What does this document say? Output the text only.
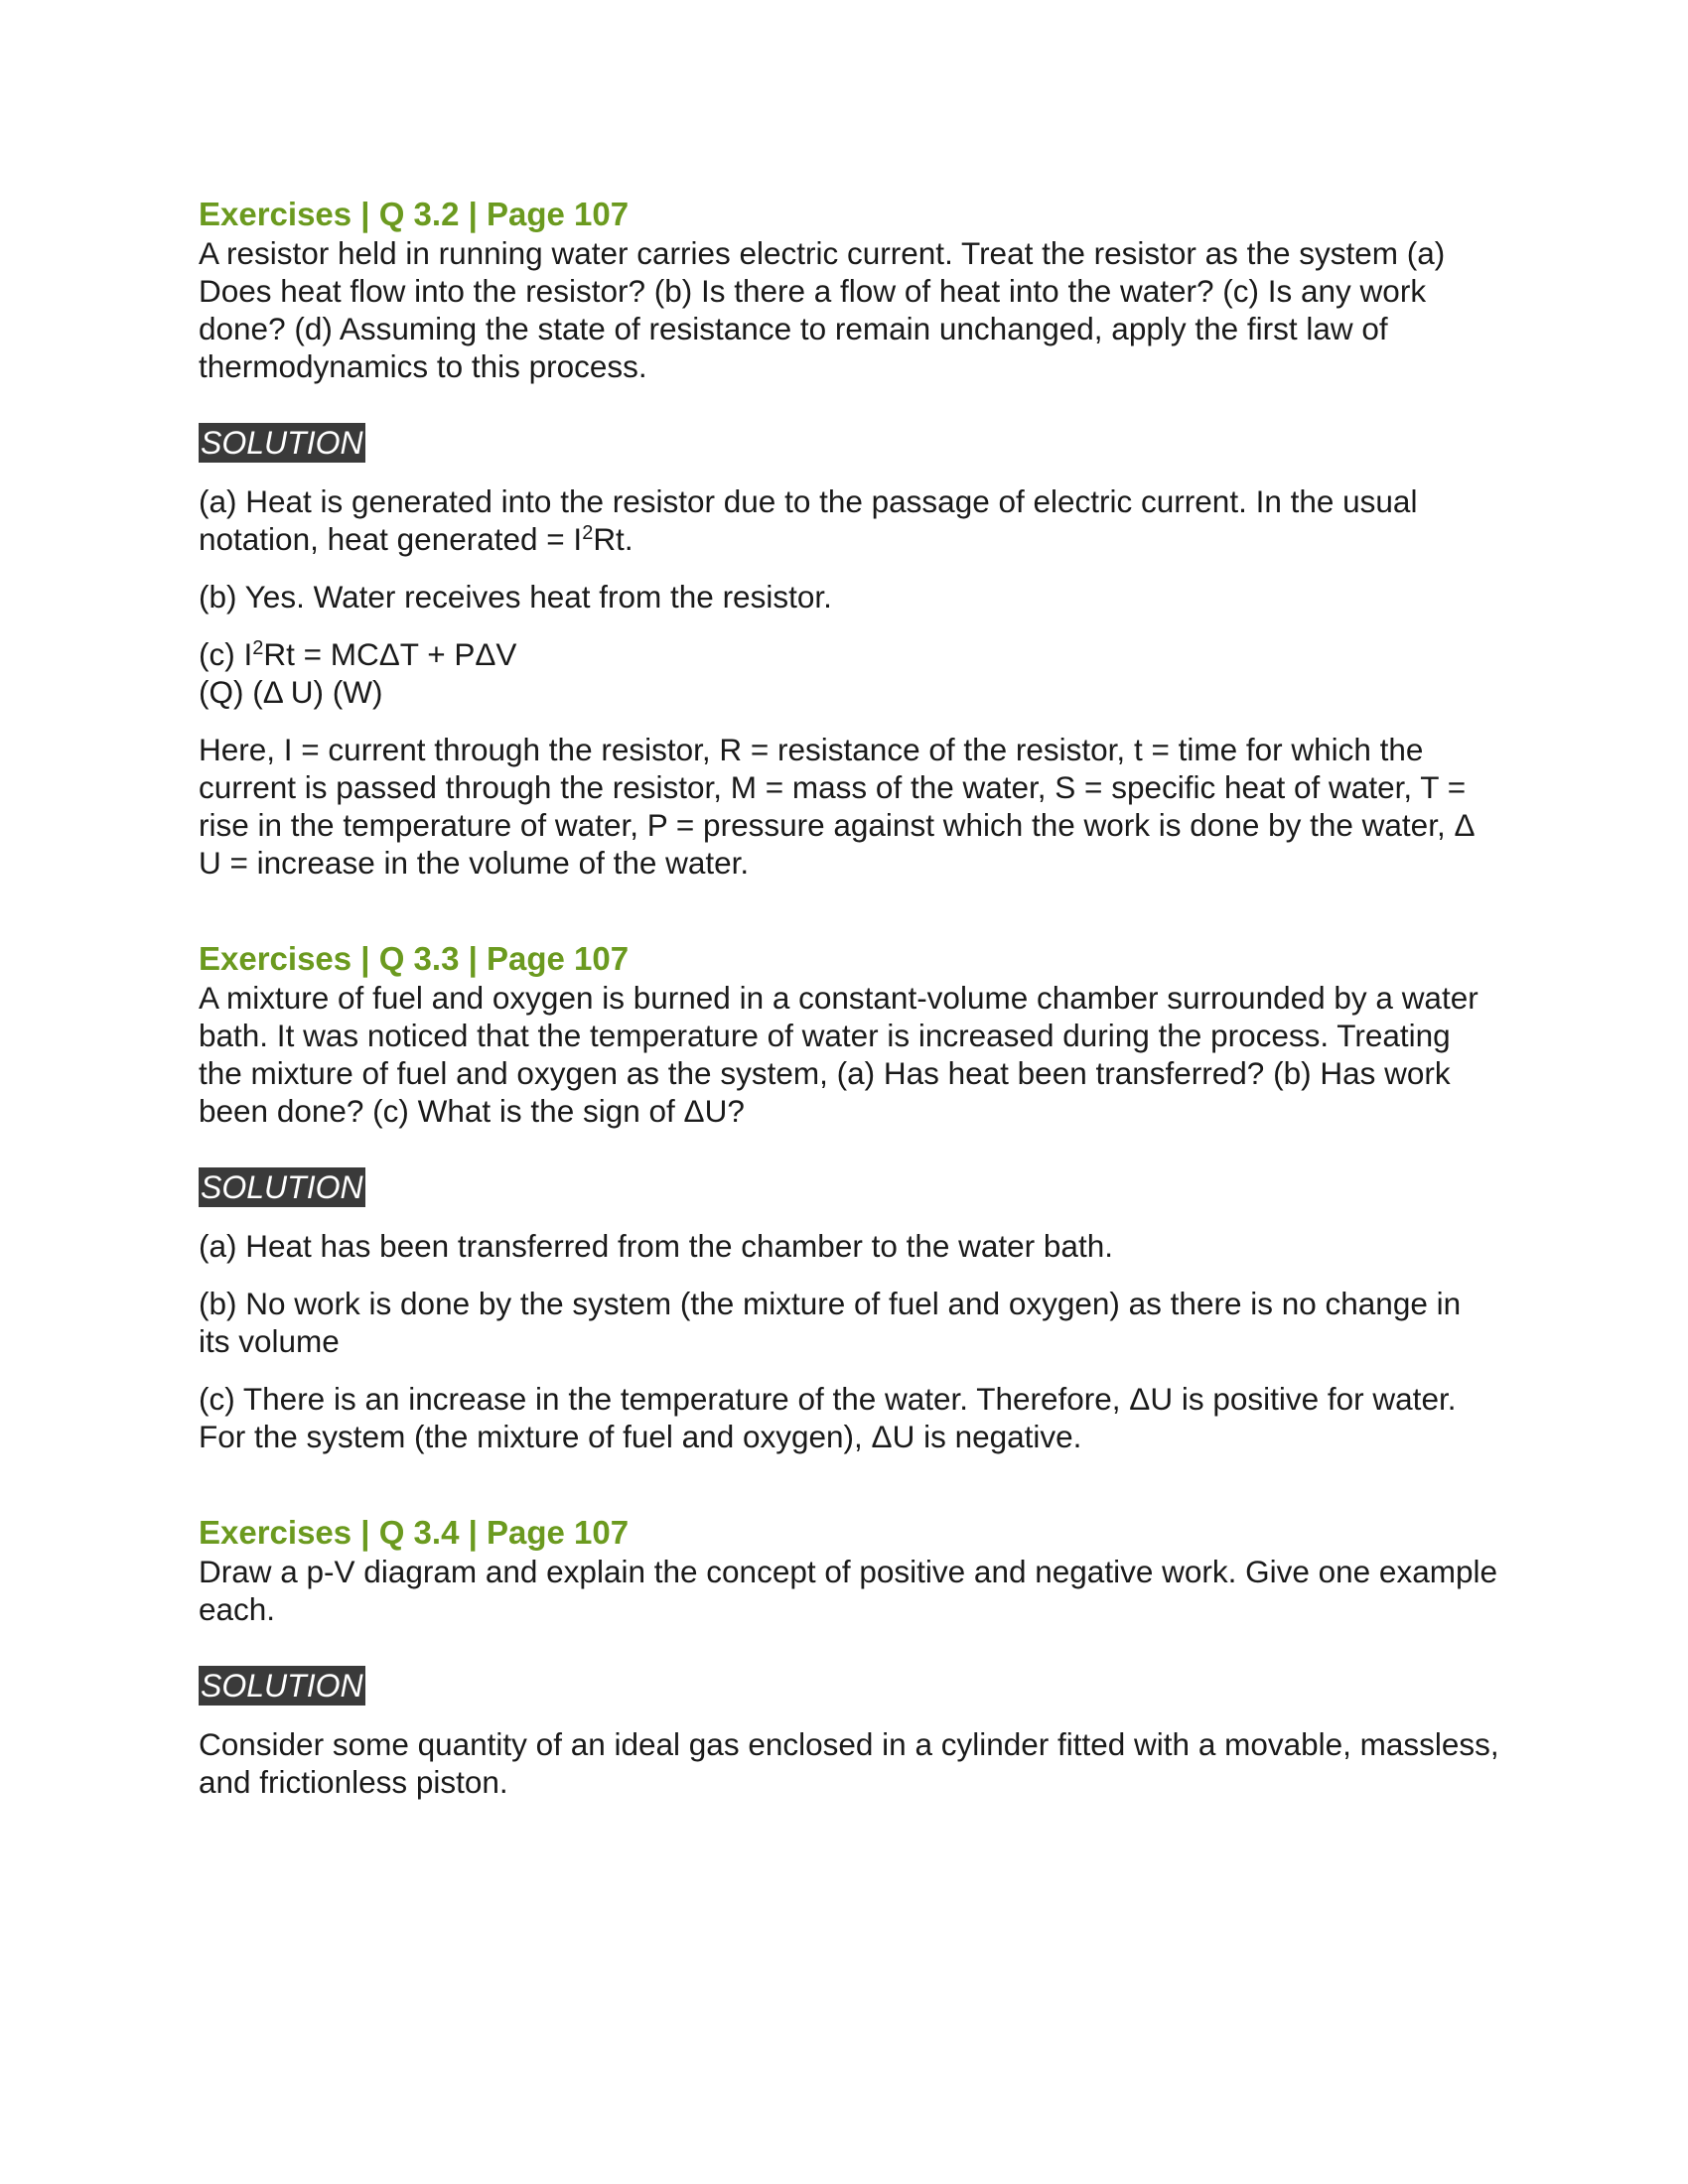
Exercises | Q 3.2 | Page 107

A resistor held in running water carries electric current. Treat the resistor as the system (a) Does heat flow into the resistor? (b) Is there a flow of heat into the water? (c) Is any work done? (d) Assuming the state of resistance to remain unchanged, apply the first law of thermodynamics to this process.

SOLUTION

(a) Heat is generated into the resistor due to the passage of electric current. In the usual notation, heat generated = $I^2Rt$.

(b) Yes. Water receives heat from the resistor.

(c) $I^2Rt = MC\Delta T + P\Delta V$

(Q) (Δ U) (W)

Here, I = current through the resistor, R = resistance of the resistor, t = time for which the current is passed through the resistor, M = mass of the water, S = specific heat of water, T = rise in the temperature of water, P = pressure against which the work is done by the water, Δ U = increase in the volume of the water.

Exercises | Q 3.3 | Page 107

A mixture of fuel and oxygen is burned in a constant-volume chamber surrounded by a water bath. It was noticed that the temperature of water is increased during the process. Treating the mixture of fuel and oxygen as the system, (a) Has heat been transferred? (b) Has work been done? (c) What is the sign of ΔU?

SOLUTION

(a) Heat has been transferred from the chamber to the water bath.

(b) No work is done by the system (the mixture of fuel and oxygen) as there is no change in its volume

(c) There is an increase in the temperature of the water. Therefore, ΔU is positive for water.

For the system (the mixture of fuel and oxygen), ΔU is negative.

Exercises | Q 3.4 | Page 107

Draw a p-V diagram and explain the concept of positive and negative work. Give one example each.

SOLUTION

Consider some quantity of an ideal gas enclosed in a cylinder fitted with a movable, massless, and frictionless piston.
